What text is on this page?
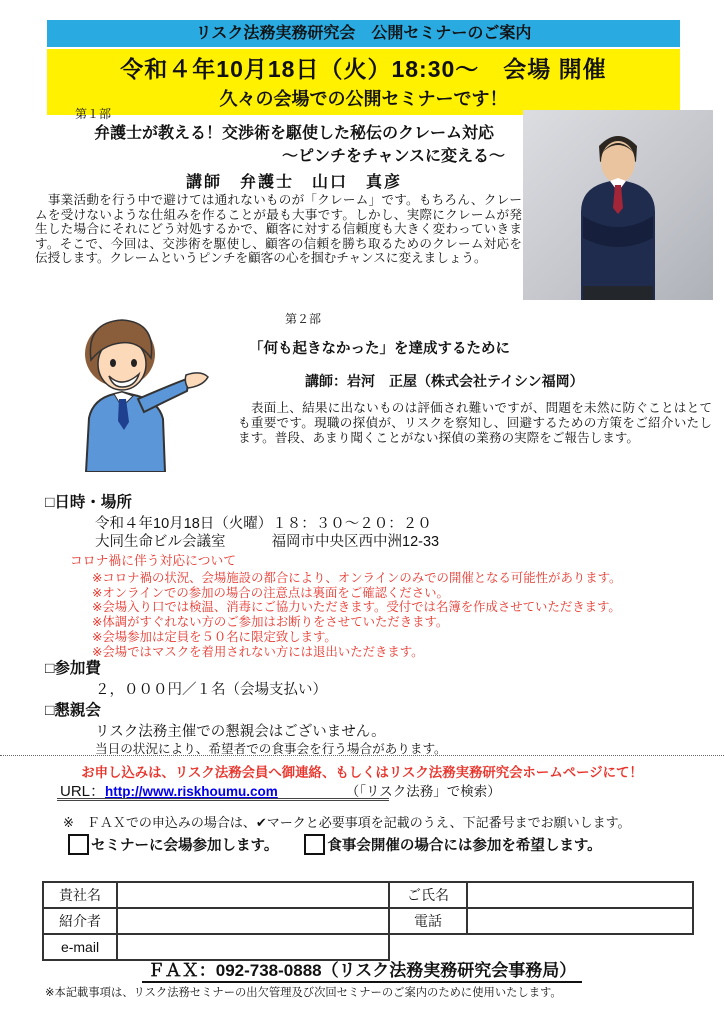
リスク法務実務研究会　公開セミナーのご案内
令和４年10月18日（火）18:30～　会場 開催
久々の会場での公開セミナーです！
第１部
弁護士が教える！交渉術を駆使した秘伝のクレーム対応
～ピンチをチャンスに変える～
講師　弁護士　山口　真彦
　事業活動を行う中で避けては通れないものが「クレーム」です。もちろん、クレームを受けないような仕組みを作ることが最も大事です。しかし、実際にクレームが発生した場合にそれにどう対処するかで、顧客に対する信頼度も大きく変わっていきます。そこで、今回は、交渉術を駆使し、顧客の信頼を勝ち取るためのクレーム対応を伝授します。クレームというピンチを顧客の心を掴むチャンスに変えましょう。
第２部
「何も起きなかった」を達成するために
講師：岩河　正屋（株式会社テイシン福岡）
　表面上、結果に出ないものは評価され難いですが、問題を未然に防ぐことはとても重要です。現職の探偵が、リスクを察知し、回避するための方策をご紹介いたします。普段、あまり聞くことがない探偵の業務の実際をご報告します。
□日時・場所
令和４年10月18日（火曜）１８：３０～２０：２０
大同生命ビル会議室	福岡市中央区西中洲12-33
コロナ禍に伴う対応について
※コロナ禍の状況、会場施設の都合により、オンラインのみでの開催となる可能性があります。
※オンラインでの参加の場合の注意点は裏面をご確認ください。
※会場入り口では検温、消毒にご協力いただきます。受付では名簿を作成させていただきます。
※体調がすぐれない方のご参加はお断りをさせていただきます。
※会場参加は定員を５０名に限定致します。
※会場ではマスクを着用されない方には退出いただきます。
□参加費
２，０００円／１名（会場支払い）
□懇親会
リスク法務主催での懇親会はございません。
当日の状況により、希望者での食事会を行う場合があります。
お申し込みは、リスク法務会員へ御連絡、もしくはリスク法務実務研究会ホームページにて！
URL：http://www.riskhoumu.com	（「リスク法務」で検索）
※　ＦＡＸでの申込みの場合は、✔マークと必要事項を記載のうえ、下記番号までお願いします。
セミナーに会場参加します。	食事会開催の場合には参加を希望します。
貴社名		ご氏名	
紹介者		電話	
e-mail			
ＦＡＸ：092-738-0888（リスク法務実務研究会事務局）
※本記載事項は、リスク法務セミナーの出欠管理及び次回セミナーのご案内のために使用いたします。
